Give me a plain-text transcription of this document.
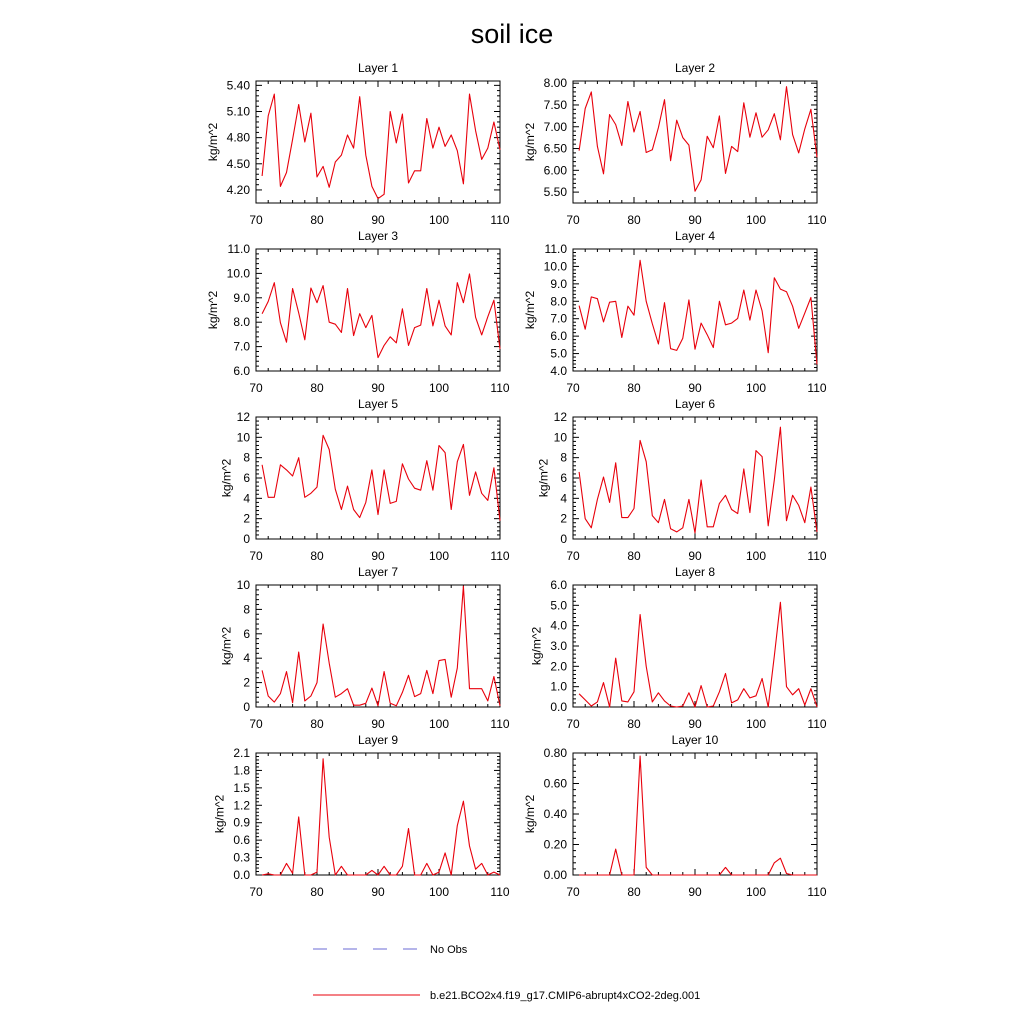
soil ice
70	80	90	100	110
4.20
4.50
4.80
5.10
5.40
kg/m^2
Layer 1
70	80	90	100	110
5.50
6.00
6.50
7.00
7.50
8.00
kg/m^2
Layer 2
70	80	90	100	110
6.0
7.0
8.0
9.0
10.0
11.0
kg/m^2
Layer 3
70	80	90	100	110
4.0
5.0
6.0
7.0
8.0
9.0
10.0
11.0
kg/m^2
Layer 4
70	80	90	100	110
0
2
4
6
8
10
12
kg/m^2
Layer 5
70	80	90	100	110
0
2
4
6
8
10
12
kg/m^2
Layer 6
70	80	90	100	110
0
2
4
6
8
10
kg/m^2
Layer 7
70	80	90	100	110
0.0
1.0
2.0
3.0
4.0
5.0
6.0
kg/m^2
Layer 8
70	80	90	100	110
0.0
0.3
0.6
0.9
1.2
1.5
1.8
2.1
kg/m^2
Layer 9
70	80	90	100	110
0.00
0.20
0.40
0.60
0.80
kg/m^2
Layer 10
No Obs
b.e21.BCO2x4.f19_g17.CMIP6-abrupt4xCO2-2deg.001
